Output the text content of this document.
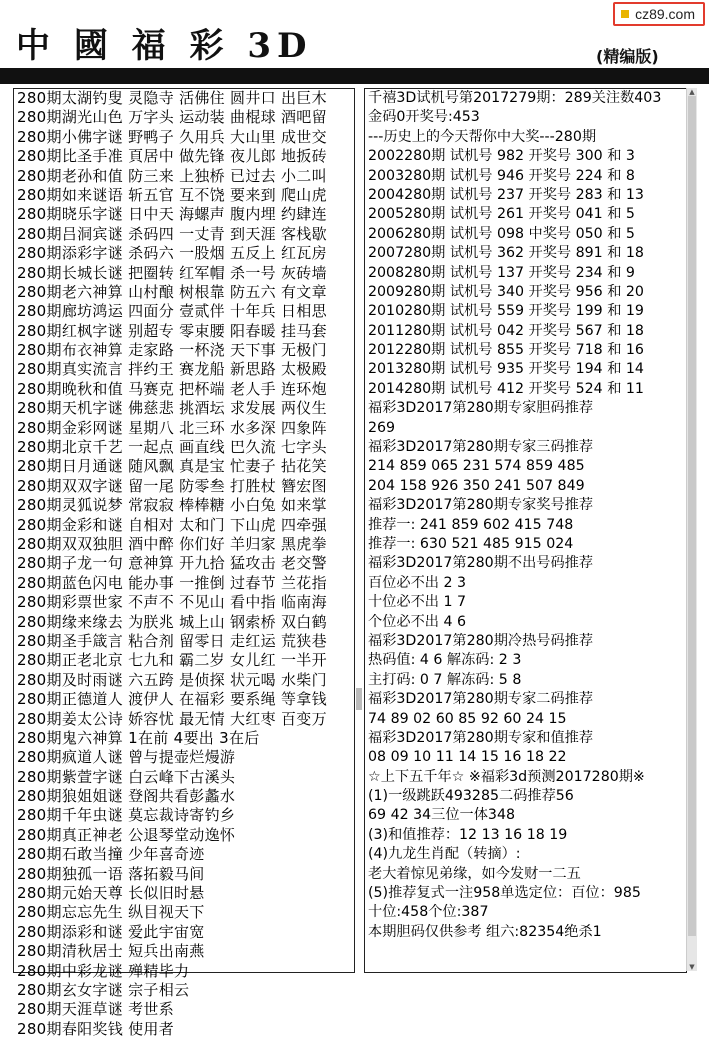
cz89.com
中 國 福 彩 3D	(精编版)
280期太湖钓叟 灵隐寺 活佛住 圆井口 出巨木
280期湖光山色 万字头 运动装 曲棍球 酒吧留
280期小佛字谜 野鸭子 久用兵 大山里 成世交
280期比圣手准 頁居中 做先锋 夜儿郎 地扳砖
280期老孙和值 防三来 上独桥 已过去 小二叫
280期如来谜语 斩五官 互不饶 要来到 爬山虎
280期晓乐字谜 日中天 海螺声 腹内埋 约肆连
280期吕洞宾谜 杀码四 一丈青 到天涯 客栈歇
280期添彩字谜 杀码六 一股烟 五反上 红瓦房
280期长城长谜 把圈转 红军帽 杀一号 灰砖墙
280期老六神算 山村酿 树根靠 防五六 有文章
280期廊坊鸿运 四面分 壹贰伴 十年兵 日相思
280期红枫字谜 别超专 零束腰 阳春暖 挂马套
280期布衣神算 走家路 一杯浇 天下事 无极门
280期真实流言 拌约王 赛龙船 新思路 太极殿
280期晚秋和值 马赛克 把杯端 老人手 连环炮
280期天机字谜 佛慈悲 挑酒坛 求发展 两仪生
280期金彩网谜 星期八 北三环 水多深 四象阵
280期北京千艺 一起点 画直线 巴久流 七字头
280期日月通谜 随风飘 真是宝 忙妻子 拈花笑
280期双双字谜 留一尾 防零叁 打胜杖 簪宏图
280期灵狐说梦 常寂寂 棒棒糖 小白兔 如来掌
280期金彩和谜 自相对 太和门 下山虎 四牵强
280期双双独胆 酒中醉 你们好 羊归家 黑虎拳
280期子龙一句 意神算 开九拾 猛攻击 老交警
280期蓝色闪电 能办事 一推倒 过春节 兰花指
280期彩票世家 不声不 不见山 看中指 临南海
280期缘来缘去 为朕兆 城上山 钢索桥 双白鹤
280期圣手箴言 粘合剂 留零日 走红运 荒狭巷
280期正老北京 七九和 霸二岁 女儿红 一半开
280期及时雨谜 六五跨 是侦探 状元喝 水柴门
280期正德道人 渡伊人 在福彩 要系绳 等拿钱
280期姜太公诗 娇容忧 最无情 大红枣 百变万
280期鬼六神算 1在前 4要出 3在后
280期疯道人谜 曾与提壶烂熳游
280期紫萱字谜 白云峰下古溪头
280期狼姐姐谜 登阁共看彭蠡水
280期千年虫谜 莫忘裁诗寄钓乡
280期真正神老 公退琴堂动逸怀
280期石敢当撞 少年喜奇迹
280期独孤一语 落拓毅马间
280期元始天尊 长似旧时悬
280期忘忘先生 纵目视天下
280期添彩和谜 爱此宇宙宽
280期清秋居士 短兵出南燕
280期中彩龙谜 殚精毕力
280期玄女字谜 宗子相云
280期天涯草谜 考世系
280期春阳奖钱 使用者
千禧3D试机号第2017279期：289关注数403
金码0开奖号:453
---历史上的今天帮你中大奖---280期
2002280期 试机号 982 开奖号 300 和 3
2003280期 试机号 946 开奖号 224 和 8
2004280期 试机号 237 开奖号 283 和 13
2005280期 试机号 261 开奖号 041 和 5
2006280期 试机号 098 中奖号 050 和 5
2007280期 试机号 362 开奖号 891 和 18
2008280期 试机号 137 开奖号 234 和 9
2009280期 试机号 340 开奖号 956 和 20
2010280期 试机号 559 开奖号 199 和 19
2011280期 试机号 042 开奖号 567 和 18
2012280期 试机号 855 开奖号 718 和 16
2013280期 试机号 935 开奖号 194 和 14
2014280期 试机号 412 开奖号 524 和 11
福彩3D2017第280期专家胆码推荐
269
福彩3D2017第280期专家三码推荐
214 859 065 231 574 859 485
204 158 926 350 241 507 849
福彩3D2017第280期专家奖号推荐
推荐一: 241 859 602 415 748
推荐一: 630 521 485 915 024
福彩3D2017第280期不出号码推荐
百位必不出 2 3
十位必不出 1 7
个位必不出 4 6
福彩3D2017第280期冷热号码推荐
热码值: 4 6 解冻码: 2 3
主打码: 0 7 解冻码: 5 8
福彩3D2017第280期专家二码推荐
74 89 02 60 85 92 60 24 15
福彩3D2017第280期专家和值推荐
08 09 10 11 14 15 16 18 22
☆上下五千年☆ ※福彩3d预测2017280期※
(1)一级跳跃493285二码推荐56
69 42 34三位一体348
(3)和值推荐：12 13 16 18 19
(4)九龙生肖配（转摘）:
老大着惊见弟缘，如今发财一二五
(5)推荐复式一注958单选定位：百位：985
十位:458个位:387
本期胆码仅供参考 组六:82354绝杀1
▲
▼
